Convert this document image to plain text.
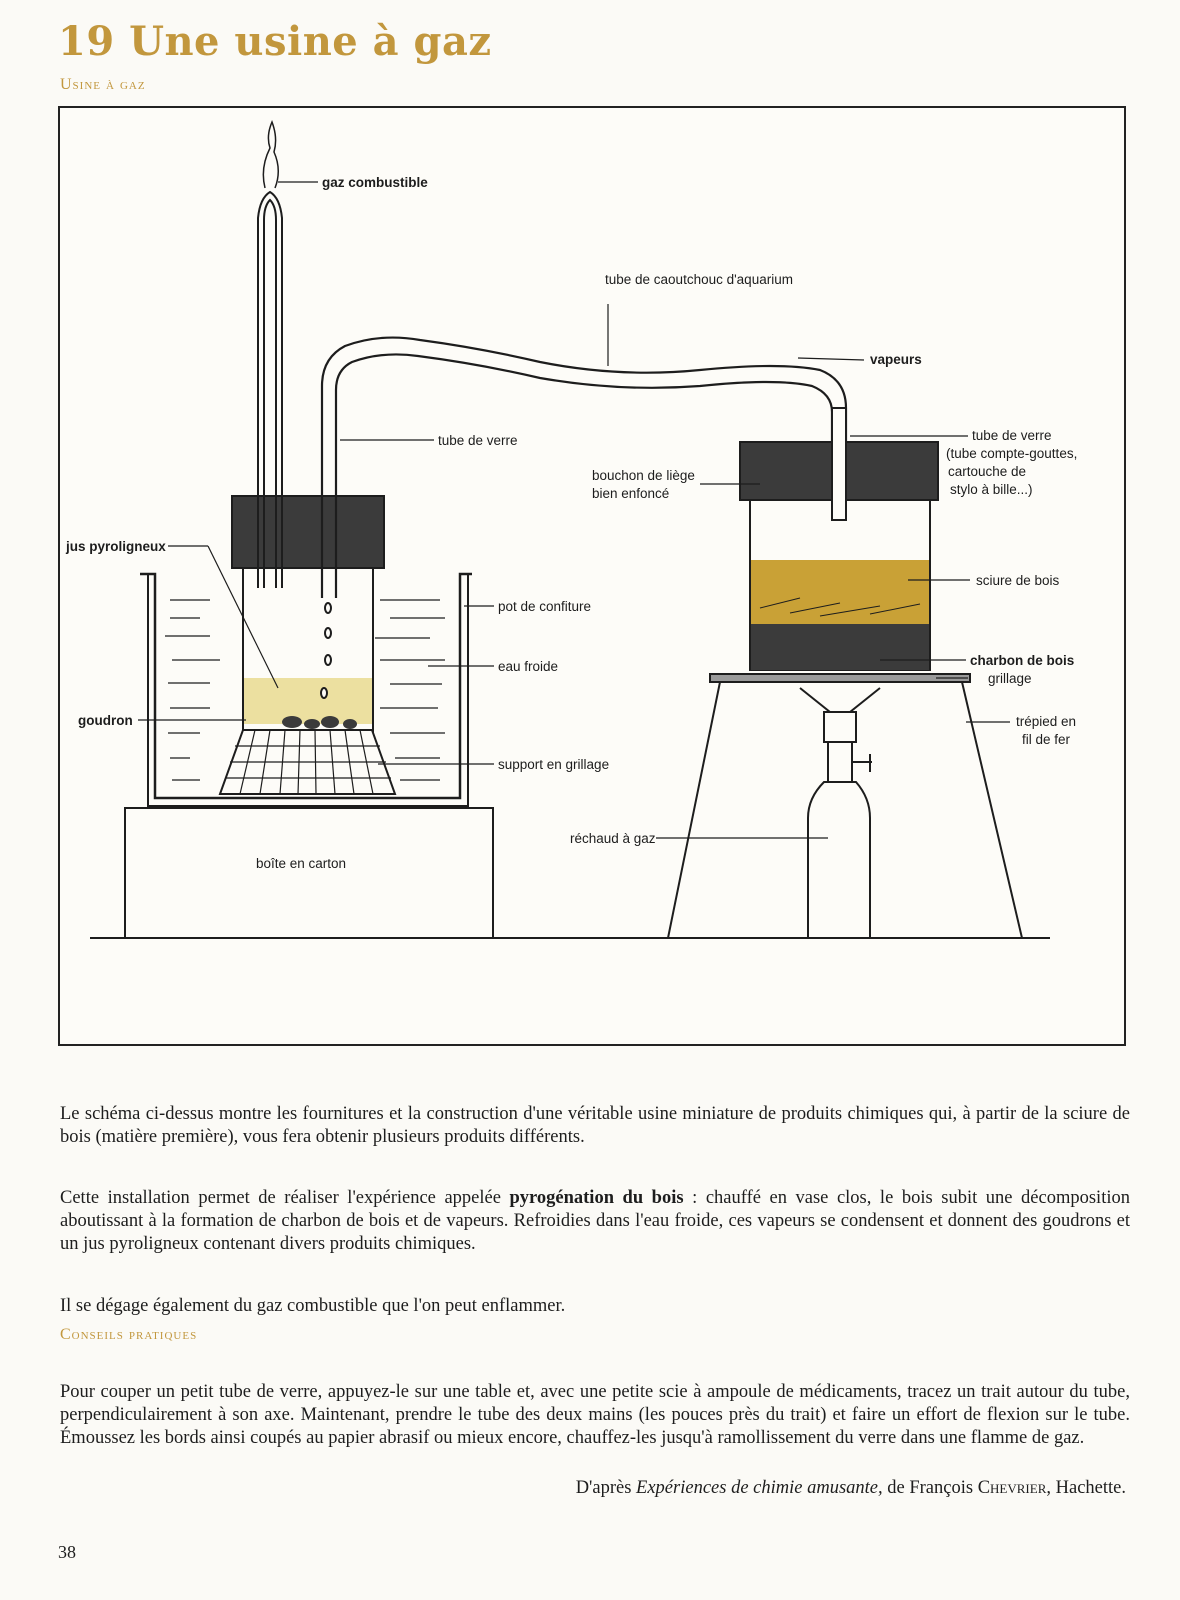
19 Une usine à gaz
Usine à gaz
gaz combustible
tube de caoutchouc d'aquarium
vapeurs
tube de verre	tube de verre
(tube compte-gouttes,
cartouche de
stylo à bille...)
bouchon de liège
bien enfoncé
jus pyroligneux
pot de confiture
eau froide
goudron
support en grillage
réchaud à gaz
boîte en carton
sciure de bois
charbon de bois
grillage
trépied en
fil de fer

Le schéma ci-dessus montre les fournitures et la construction d'une véritable usine miniature de produits chimiques qui, à partir de la sciure de bois (matière première), vous fera obtenir plusieurs produits différents.

Cette installation permet de réaliser l'expérience appelée pyrogénation du bois : chauffé en vase clos, le bois subit une décomposition aboutissant à la formation de charbon de bois et de vapeurs. Refroidies dans l'eau froide, ces vapeurs se condensent et donnent des goudrons et un jus pyroligneux contenant divers produits chimiques.

Il se dégage également du gaz combustible que l'on peut enflammer.

Conseils pratiques

Pour couper un petit tube de verre, appuyez-le sur une table et, avec une petite scie à ampoule de médicaments, tracez un trait autour du tube, perpendiculairement à son axe. Maintenant, prendre le tube des deux mains (les pouces près du trait) et faire un effort de flexion sur le tube. Émoussez les bords ainsi coupés au papier abrasif ou mieux encore, chauffez-les jusqu'à ramollissement du verre dans une flamme de gaz.

D'après Expériences de chimie amusante, de François Chevrier, Hachette.
38
